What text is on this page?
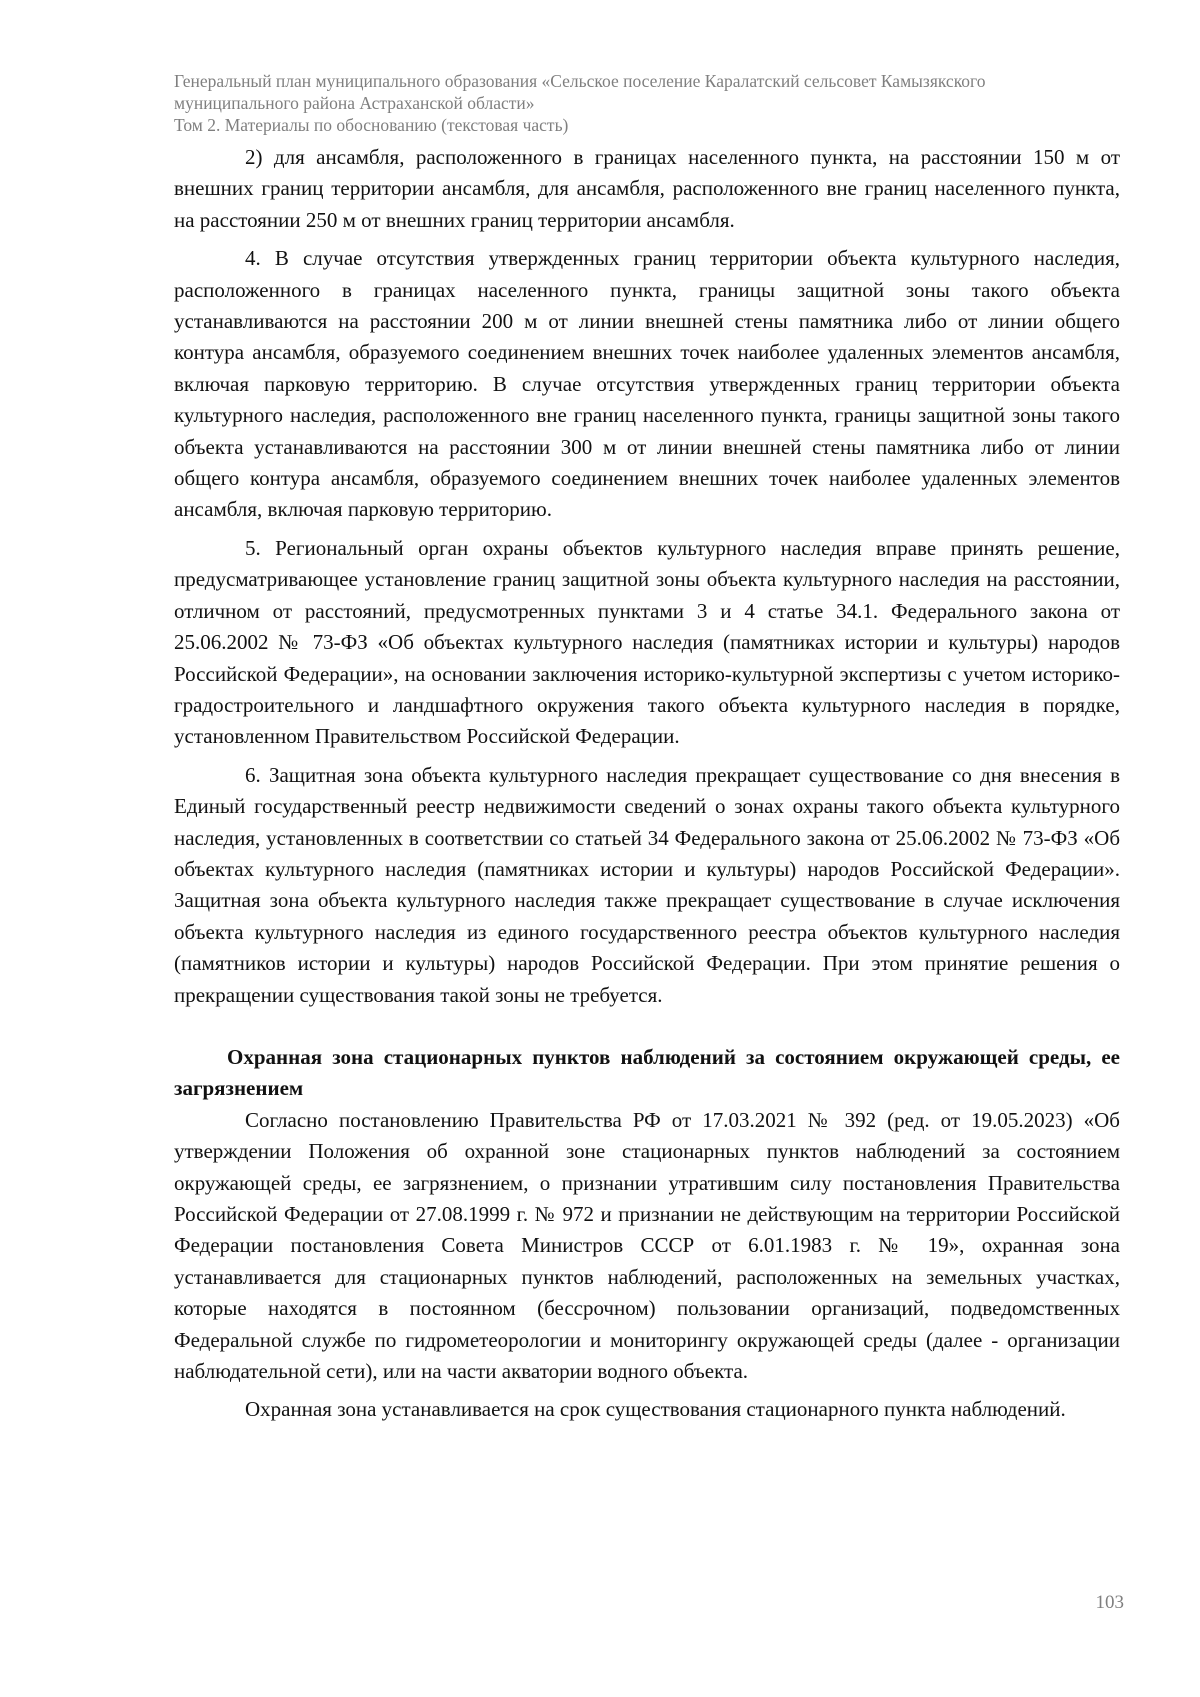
Генеральный план муниципального образования «Сельское поселение Каралатский сельсовет Камызякского
муниципального района Астраханской области»
Том 2. Материалы по обоснованию (текстовая часть)

2) для ансамбля, расположенного в границах населенного пункта, на расстоянии 150 м от внешних границ территории ансамбля, для ансамбля, расположенного вне границ населенного пункта, на расстоянии 250 м от внешних границ территории ансамбля.

4. В случае отсутствия утвержденных границ территории объекта культурного наследия, расположенного в границах населенного пункта, границы защитной зоны такого объекта устанавливаются на расстоянии 200 м от линии внешней стены памятника либо от линии общего контура ансамбля, образуемого соединением внешних точек наиболее удаленных элементов ансамбля, включая парковую территорию. В случае отсутствия утвержденных границ территории объекта культурного наследия, расположенного вне границ населенного пункта, границы защитной зоны такого объекта устанавливаются на расстоянии 300 м от линии внешней стены памятника либо от линии общего контура ансамбля, образуемого соединением внешних точек наиболее удаленных элементов ансамбля, включая парковую территорию.

5. Региональный орган охраны объектов культурного наследия вправе принять решение, предусматривающее установление границ защитной зоны объекта культурного наследия на расстоянии, отличном от расстояний, предусмотренных пунктами 3 и 4 статье 34.1. Федерального закона от 25.06.2002 № 73-ФЗ «Об объектах культурного наследия (памятниках истории и культуры) народов Российской Федерации», на основании заключения историко-культурной экспертизы с учетом историко-градостроительного и ландшафтного окружения такого объекта культурного наследия в порядке, установленном Правительством Российской Федерации.

6. Защитная зона объекта культурного наследия прекращает существование со дня внесения в Единый государственный реестр недвижимости сведений о зонах охраны такого объекта культурного наследия, установленных в соответствии со статьей 34 Федерального закона от 25.06.2002 № 73-ФЗ «Об объектах культурного наследия (памятниках истории и культуры) народов Российской Федерации». Защитная зона объекта культурного наследия также прекращает существование в случае исключения объекта культурного наследия из единого государственного реестра объектов культурного наследия (памятников истории и культуры) народов Российской Федерации. При этом принятие решения о прекращении существования такой зоны не требуется.

Охранная зона стационарных пунктов наблюдений за состоянием окружающей среды, ее загрязнением

Согласно постановлению Правительства РФ от 17.03.2021 № 392 (ред. от 19.05.2023) «Об утверждении Положения об охранной зоне стационарных пунктов наблюдений за состоянием окружающей среды, ее загрязнением, о признании утратившим силу постановления Правительства Российской Федерации от 27.08.1999 г. № 972 и признании не действующим на территории Российской Федерации постановления Совета Министров СССР от 6.01.1983 г. № 19», охранная зона устанавливается для стационарных пунктов наблюдений, расположенных на земельных участках, которые находятся в постоянном (бессрочном) пользовании организаций, подведомственных Федеральной службе по гидрометеорологии и мониторингу окружающей среды (далее - организации наблюдательной сети), или на части акватории водного объекта.

Охранная зона устанавливается на срок существования стационарного пункта наблюдений.

103
